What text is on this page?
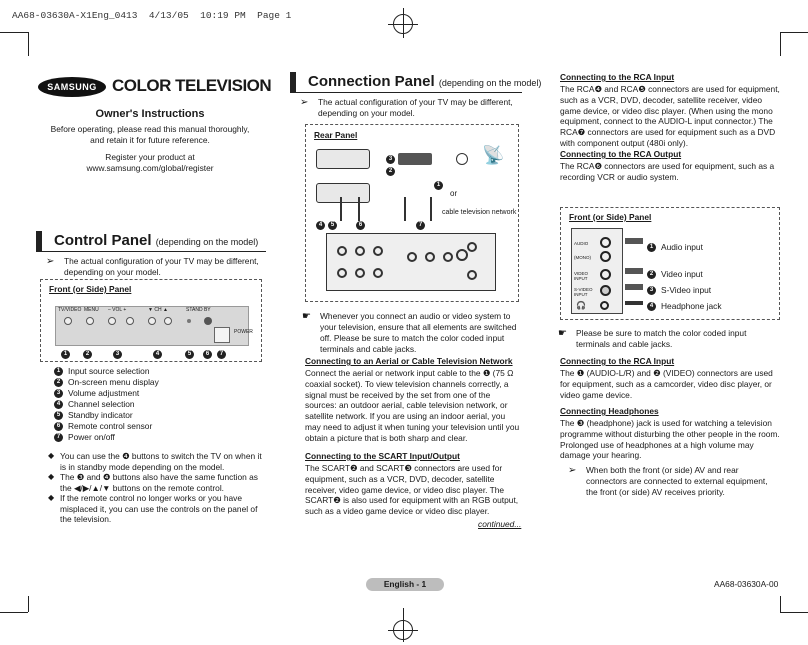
AA68-03630A-X1Eng_0413  4/13/05  10:19 PM  Page 1
SAMSUNG COLOR TELEVISION
Owner's Instructions
Before operating, please read this manual thoroughly,
and retain it for future reference.
Register your product at
www.samsung.com/global/register
Control Panel (depending on the model)
➢ The actual configuration of your TV may be different, depending on your model.
Front (or Side) Panel
TV/VIDEO MENU – VOL +	▼ CH ▲	STAND BY
POWER
1	2	3	4	5	6	7
1 Input source selection
2 On-screen menu display
3 Volume adjustment
4 Channel selection
5 Standby indicator
6 Remote control sensor
7 Power on/off
◆ You can use the ❹ buttons to switch the TV on when it is in standby mode depending on the model.
◆ The ❸ and ❹ buttons also have the same function as the ◀/▶/▲/▼ buttons on the remote control.
◆ If the remote control no longer works or you have misplaced it, you can use the controls on the panel of the television.
Connection Panel (depending on the model)
➢ The actual configuration of your TV may be different, depending on your model.
Rear Panel
3
2
📡
1
or
cable television network
4	5	6	7
☛ Whenever you connect an audio or video system to your television, ensure that all elements are switched off. Please be sure to match the color coded input terminals and cable jacks.
Connecting to an Aerial or Cable Television Network
Connect the aerial or network input cable to the ❶ (75 Ω coaxial socket). To view television channels correctly, a signal must be received by the set from one of the sources: an outdoor aerial, cable television network, or satellite network. If you are using an indoor aerial, you may need to adjust it when tuning your television until you obtain a picture that is both sharp and clear.
Connecting to the SCART Input/Output
The SCART❷ and SCART❸ connectors are used for equipment, such as a VCR, DVD, decoder, satellite receiver, video game device, or video disc player. The SCART❷ is also used for equipment with an RGB output, such as a video game device or video disc player.
continued...
Connecting to the RCA Input
The RCA❹ and RCA❺ connectors are used for equipment, such as a VCR, DVD, decoder, satellite receiver, video game device, or video disc player. (When using the mono equipment, connect to the AUDIO-L input connector.) The RCA❼ connectors are used for equipment such as a DVD with component output (480i only).
Connecting to the RCA Output
The RCA❻ connectors are used for equipment, such as a recording VCR or audio system.
Front (or Side) Panel
AUDIO
(MONO)
VIDEO INPUT
S-VIDEO INPUT
🎧
1 Audio input
2 Video input
3 S-Video input
4 Headphone jack
☛ Please be sure to match the color coded input terminals and cable jacks.
Connecting to the RCA Input
The ❶ (AUDIO-L/R) and ❷ (VIDEO) connectors are used for equipment, such as a camcorder, video disc player, or video game device.
Connecting Headphones
The ❸ (headphone) jack is used for watching a television programme without disturbing the other people in the room. Prolonged use of headphones at a high volume may damage your hearing.
➢ When both the front (or side) AV and rear connectors are connected to external equipment, the front (or side) AV receives priority.
English - 1	AA68-03630A-00
